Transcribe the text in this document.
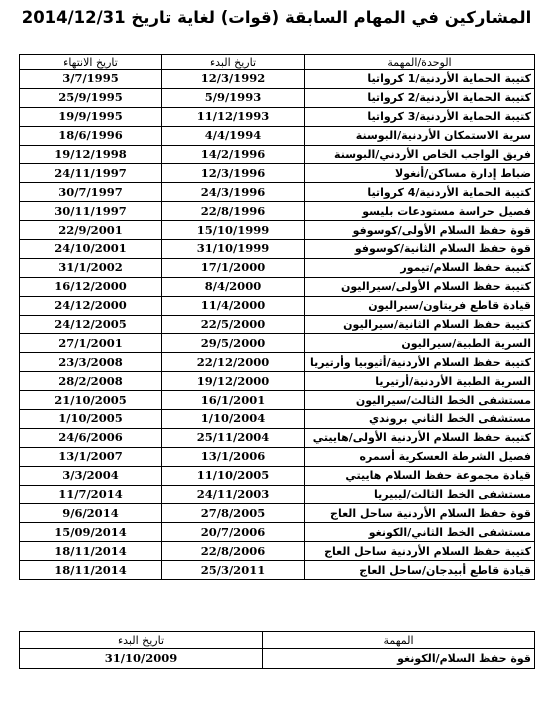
المشاركين في المهام السابقة (قوات) لغاية تاريخ 2014/12/31
تاريخ الانتهاء	تاريخ البدء	الوحدة/المهمة
3/7/1995	12/3/1992	كتيبة الحماية الأردنية/1 كرواتيا
25/9/1995	5/9/1993	كتيبة الحماية الأردنية/2 كرواتيا
19/9/1995	11/12/1993	كتيبة الحماية الأردنية/3 كرواتيا
18/6/1996	4/4/1994	سرية الاستمكان الأردنية/البوسنة
19/12/1998	14/2/1996	فريق الواجب الخاص الأردني/البوسنة
24/11/1997	12/3/1996	ضباط إدارة مساكن/أنغولا
30/7/1997	24/3/1996	كتيبة الحماية الأردنية/4 كرواتيا
30/11/1997	22/8/1996	فصيل حراسة مستودعات بليسو
22/9/2001	15/10/1999	قوة حفظ السلام الأولى/كوسوفو
24/10/2001	31/10/1999	قوة حفظ السلام الثانية/كوسوفو
31/1/2002	17/1/2000	كتيبة حفظ السلام/تيمور
16/12/2000	8/4/2000	كتيبة حفظ السلام الأولى/سيراليون
24/12/2000	11/4/2000	قيادة قاطع فريتاون/سيراليون
24/12/2005	22/5/2000	كتيبة حفظ السلام الثانية/سيراليون
27/1/2001	29/5/2000	السرية الطبية/سيراليون
23/3/2008	22/12/2000	كتيبة حفظ السلام الأردنية/أثيوبيا وأرتيريا
28/2/2008	19/12/2000	السرية الطبية الأردنية/أرتيريا
21/10/2005	16/1/2001	مستشفى الخط الثالث/سيراليون
1/10/2005	1/10/2004	مستشفى الخط الثاني بروندي
24/6/2006	25/11/2004	كتيبة حفظ السلام الأردنية الأولى/هاييتي
13/1/2007	13/1/2006	فصيل الشرطة العسكرية أسمره
3/3/2004	11/10/2005	قيادة مجموعة حفظ السلام هاييتي
11/7/2014	24/11/2003	مستشفى الخط الثالث/ليبيريا
9/6/2014	27/8/2005	قوة حفظ السلام الأردنية ساحل العاج
15/09/2014	20/7/2006	مستشفى الخط الثاني/الكونغو
18/11/2014	22/8/2006	كتيبة حفظ السلام الأردنية ساحل العاج
18/11/2014	25/3/2011	قيادة قاطع أبيدجان/ساحل العاج
تاريخ البدء	المهمة
31/10/2009	قوة حفظ السلام/الكونغو
